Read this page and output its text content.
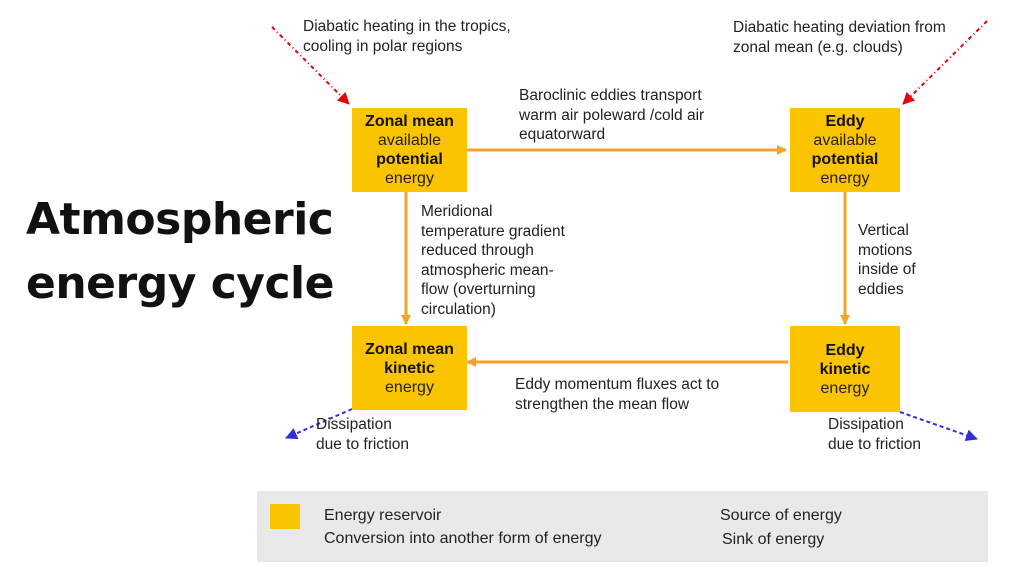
Atmospheric
energy cycle
Zonal mean
available
potential
energy
Eddy
available
potential
energy
Zonal mean
kinetic
energy
Eddy
kinetic
energy
Diabatic heating in the tropics,
cooling in polar regions
Diabatic heating deviation from
zonal mean (e.g. clouds)
Baroclinic eddies transport
warm air poleward /cold air
equatorward
Meridional
temperature gradient
reduced through
atmospheric mean-
flow (overturning
circulation)
Vertical
motions
inside of
eddies
Eddy momentum fluxes act to
strengthen the mean flow
Dissipation
due to friction
Dissipation
due to friction
Energy reservoir
Conversion into another form of energy
Source of energy
Sink of energy
